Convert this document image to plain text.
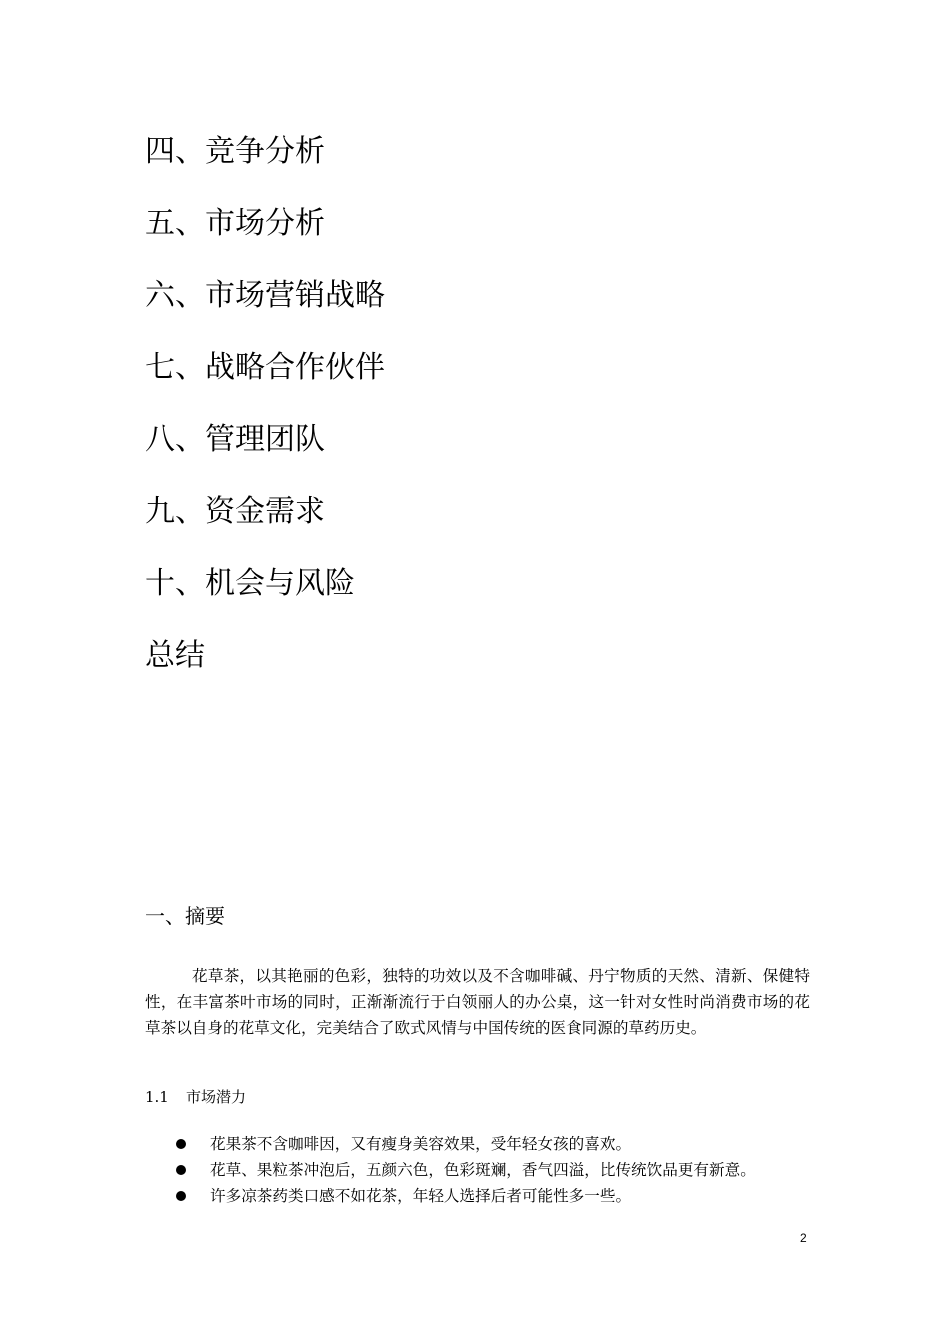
四、竞争分析
五、市场分析
六、市场营销战略
七、战略合作伙伴
八、管理团队
九、资金需求
十、机会与风险
总结
一、摘要

花草茶，以其艳丽的色彩，独特的功效以及不含咖啡碱、丹宁物质的天然、清新、保健特性，在丰富茶叶市场的同时，正渐渐流行于白领丽人的办公桌，这一针对女性时尚消费市场的花草茶以自身的花草文化，完美结合了欧式风情与中国传统的医食同源的草药历史。

1.1 市场潜力
花果茶不含咖啡因，又有瘦身美容效果，受年轻女孩的喜欢。
花草、果粒茶冲泡后，五颜六色，色彩斑斓，香气四溢，比传统饮品更有新意。
许多凉茶药类口感不如花茶，年轻人选择后者可能性多一些。
2
